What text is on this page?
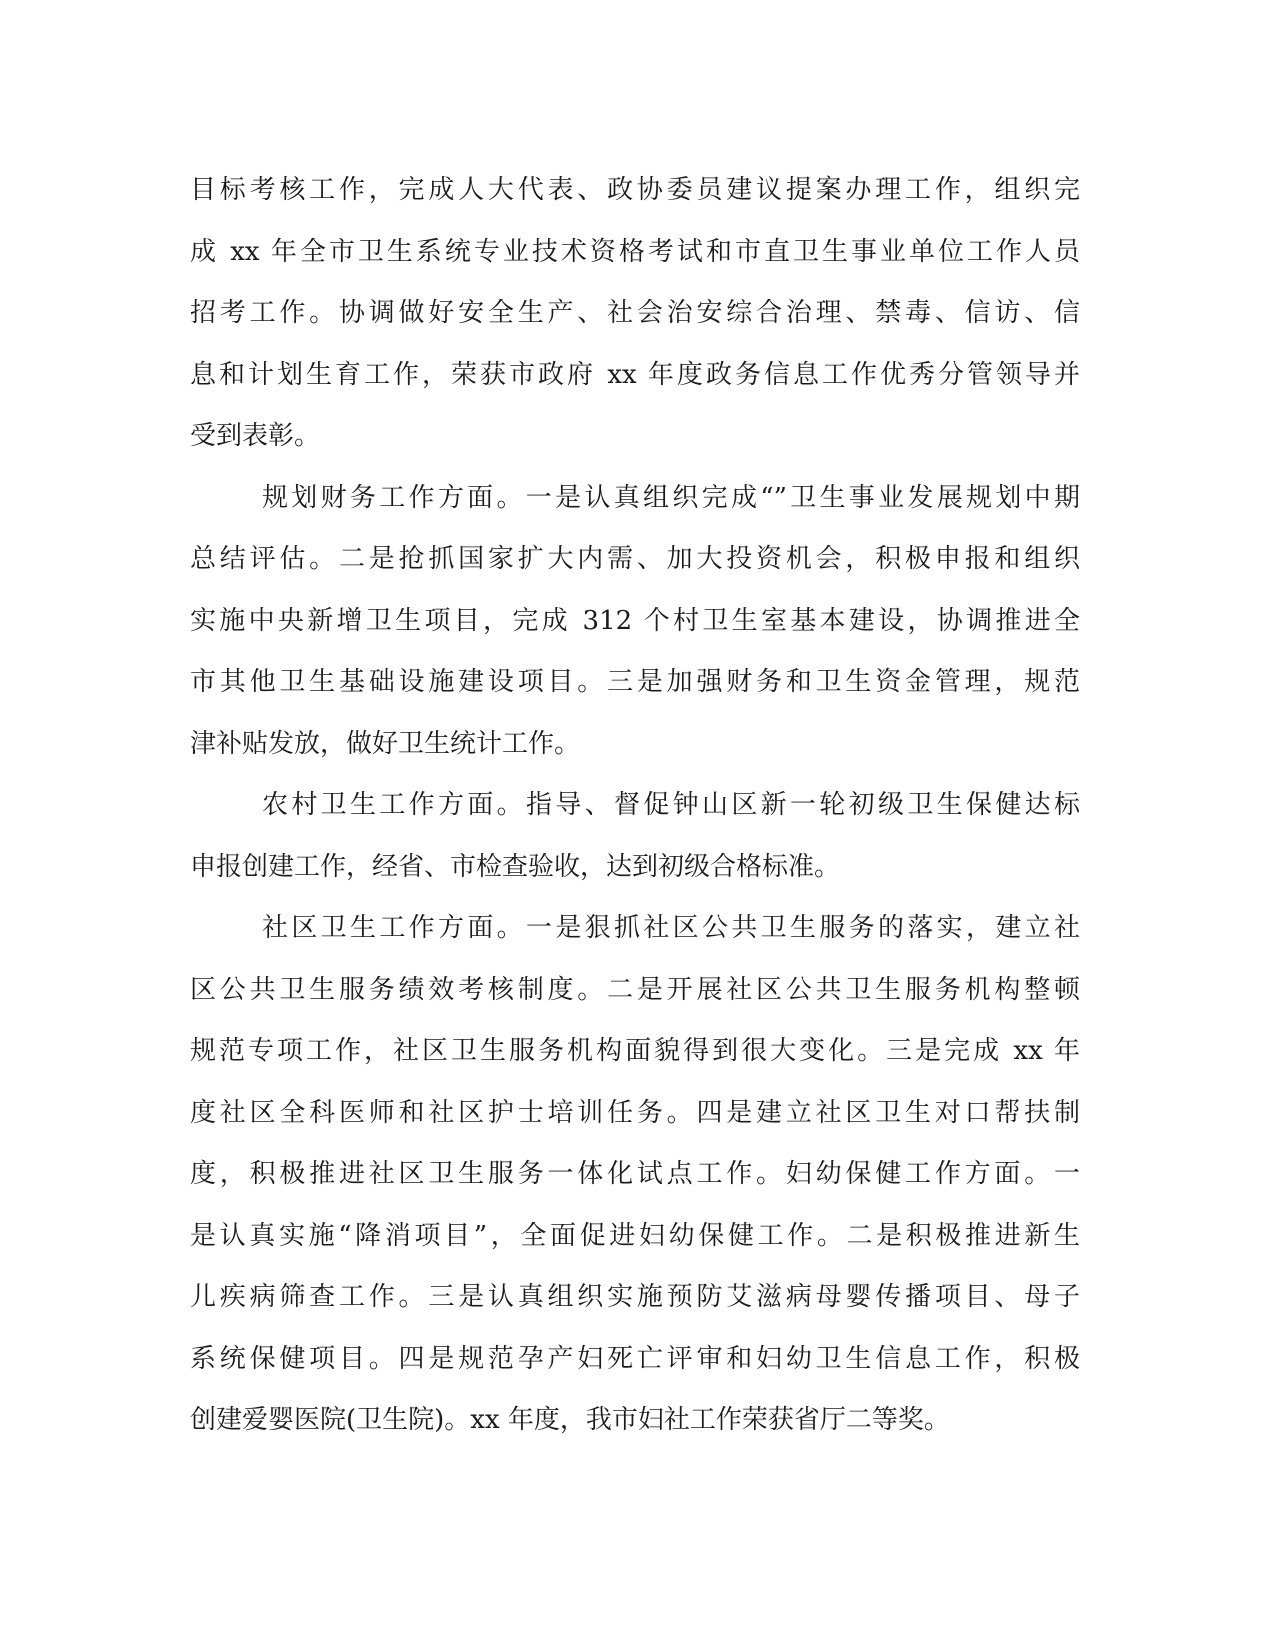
目标考核工作，完成人大代表、政协委员建议提案办理工作，组织完
成 xx 年全市卫生系统专业技术资格考试和市直卫生事业单位工作人员
招考工作。协调做好安全生产、社会治安综合治理、禁毒、信访、信
息和计划生育工作，荣获市政府 xx 年度政务信息工作优秀分管领导并
受到表彰。
规划财务工作方面。一是认真组织完成“”卫生事业发展规划中期
总结评估。二是抢抓国家扩大内需、加大投资机会，积极申报和组织
实施中央新增卫生项目，完成 312 个村卫生室基本建设，协调推进全
市其他卫生基础设施建设项目。三是加强财务和卫生资金管理，规范
津补贴发放，做好卫生统计工作。
农村卫生工作方面。指导、督促钟山区新一轮初级卫生保健达标
申报创建工作，经省、市检查验收，达到初级合格标准。
社区卫生工作方面。一是狠抓社区公共卫生服务的落实，建立社
区公共卫生服务绩效考核制度。二是开展社区公共卫生服务机构整顿
规范专项工作，社区卫生服务机构面貌得到很大变化。三是完成 xx 年
度社区全科医师和社区护士培训任务。四是建立社区卫生对口帮扶制
度，积极推进社区卫生服务一体化试点工作。妇幼保健工作方面。一
是认真实施“降消项目”，全面促进妇幼保健工作。二是积极推进新生
儿疾病筛查工作。三是认真组织实施预防艾滋病母婴传播项目、母子
系统保健项目。四是规范孕产妇死亡评审和妇幼卫生信息工作，积极
创建爱婴医院(卫生院)。xx 年度，我市妇社工作荣获省厅二等奖。
